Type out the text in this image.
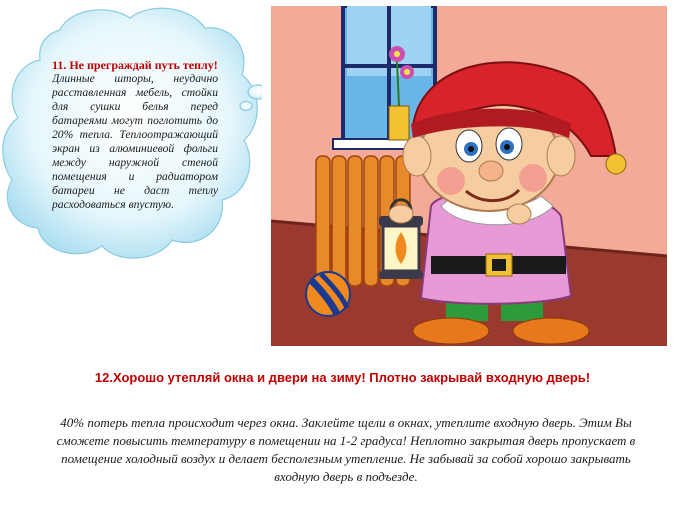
11. Не преграждай путь теплу!
Длинные шторы, неудачно расставленная мебель, стойки для сушки белья перед батареями могут поглотить до 20% тепла. Теплоотражающий экран из алюминиевой фольги между наружной стеной помещения и радиатором батареи не даст теплу расходоваться впустую.
12.Хорошо утепляй окна и двери на зиму! Плотно закрывай входную дверь!
40% потерь тепла происходит через окна. Заклейте щели в окнах, утеплите входную дверь. Этим Вы сможете повысить температуру в помещении на 1-2 градуса! Неплотно закрытая дверь пропускает в помещение холодный воздух и делает бесполезным утепление. Не забывай за собой хорошо закрывать входную дверь в подъезде.
